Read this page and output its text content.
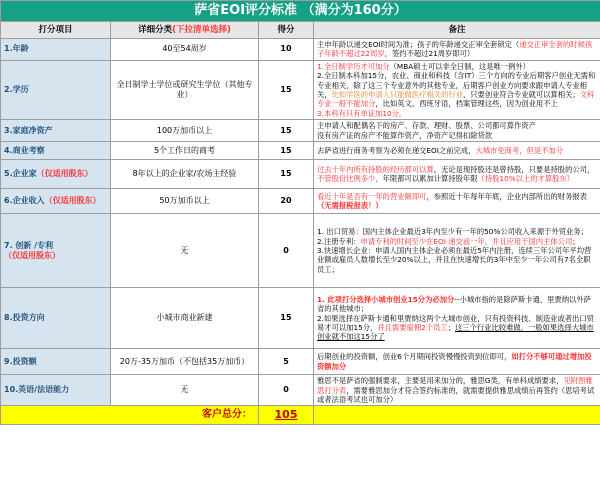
萨省EOI评分标准 （满分为160分）			
打分项目	详细分类(下拉清单选择)	得分	备注
1.年龄	40至54周岁	10	主申年龄以递交EOI时间为准；孩子的年龄递交正审全套锁定（递交正审全套的时候孩子年龄不超过22周岁，签约不超过21周岁即可）
2.学历	全日制学士学位或研究生学位（其他专业）	15	1.全日制学历才可加分（MBA硕士可以非全日制，这是唯一例外）
2.全日制本科加15分，农业、商业和科技（含IT）三个方向的专业后期客户创业无需和专业相关，除了这三个专业意外的其他专业，后期客户创业方向要求跟申请人专业相关，比如学医的申请人只能做医疗相关的行业，只要创业符合专业就可以算相关；文科专业一般不能加分，比如英文，西班牙语，档案管理这些，因为创业用不上
3.本科有只有单证加10分。
3.家庭净资产	100万加币以上	15	主申请人和配偶名下的房产、存款、理财、股票、公司都可算作资产
没有房产证的房产不能算作资产，净资产记得扣除贷款
4.商业考察	5个工作日的商考	15	去萨省进行商务考察为必须在递交EOI之前完成，大城市免商考，但是不加分
5.企业家（仅适用股东）	8年以上的企业家/农场主经验	15	过去十年内所有持股的经历都可以算，无论是现持股还是曾持股，只要是持股的公司，不管股份比例多少，年限都可以累加计算持股年限（持股10%以上的才算股东）
6.企业收入（仅适用股东）	50万加币以上	20	看近十年是否有一年的营业额即可，参照近十年每年年底，企业内部所出的财务报表（无需报税报表！）
7. 创新 /专利（仅适用股东）	无	0	1. 出口贸易：国内主体企业最近3年内至少有一年的50%公司收入来源于外贸业务；
2.注册专利：申请专利的时间至少在EOI 递交前一年，并且应用于国内主体公司；
3.快速增长企业：申请人国内主体企业必须在最近5年内注册，连续三年公司年平均营业额或雇员人数增长至少20%以上，并且在快速增长的3年中至少一年公司有7名全职员工；
8.投资方向	小城市商业新建	15	1. 此项打分选择小城市创业15分为必加分--小城市指的是除萨斯卡通、里贾纳以外萨省的其他城市；
2.如果选择在萨斯卡通和里贾纳这两个大城市创业，只有投资科技、制造业或者出口贸易才可以加15分，并且需要雇佣2个员工；这三个行业比较难做，一般如果选择大城市创业就不加这15分了
9.投资额	20万-35万加币（不包括35万加币）	5	后期创业的投资额，创业6个月期间投资慢慢投资到位即可，如打分不够可通过增加投资额加分
10.英语/法语能力	无	0	雅思不是萨省的强制要求，主要是用来加分的，雅思G类，有单科成绩要求，见附图雅思打分表，需要雅思加分才符合签约标准的，就需要提供雅思成绩后再签约（思培考试或者法语考试也可加分）
客户总分：		105	
